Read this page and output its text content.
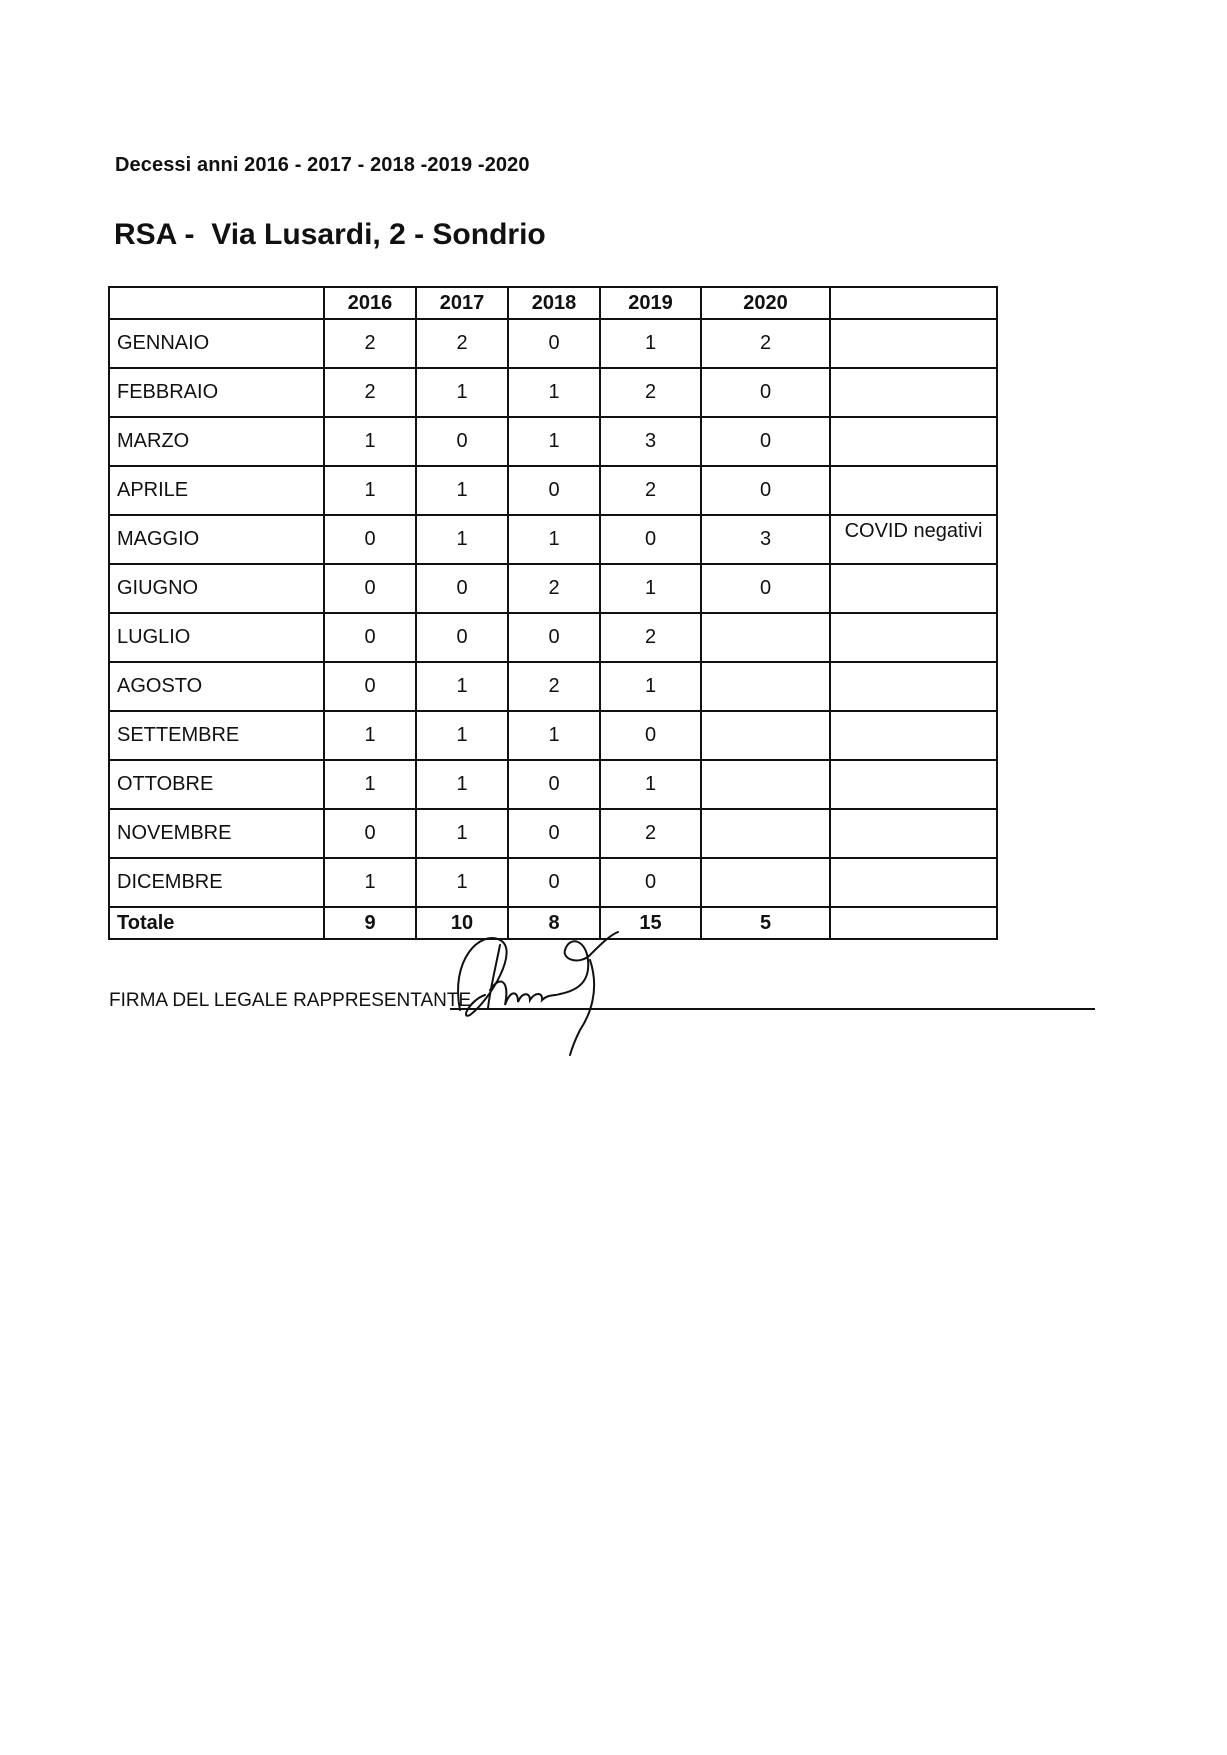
Decessi anni 2016 - 2017 - 2018 -2019 -2020
RSA -  Via Lusardi, 2 - Sondrio
	2016	2017	2018	2019	2020	
GENNAIO	2	2	0	1	2	
FEBBRAIO	2	1	1	2	0	
MARZO	1	0	1	3	0	
APRILE	1	1	0	2	0	
MAGGIO	0	1	1	0	3	COVID negativi
GIUGNO	0	0	2	1	0	
LUGLIO	0	0	0	2		
AGOSTO	0	1	2	1		
SETTEMBRE	1	1	1	0		
OTTOBRE	1	1	0	1		
NOVEMBRE	0	1	0	2		
DICEMBRE	1	1	0	0		
Totale	9	10	8	15	5	
FIRMA DEL LEGALE RAPPRESENTANTE
